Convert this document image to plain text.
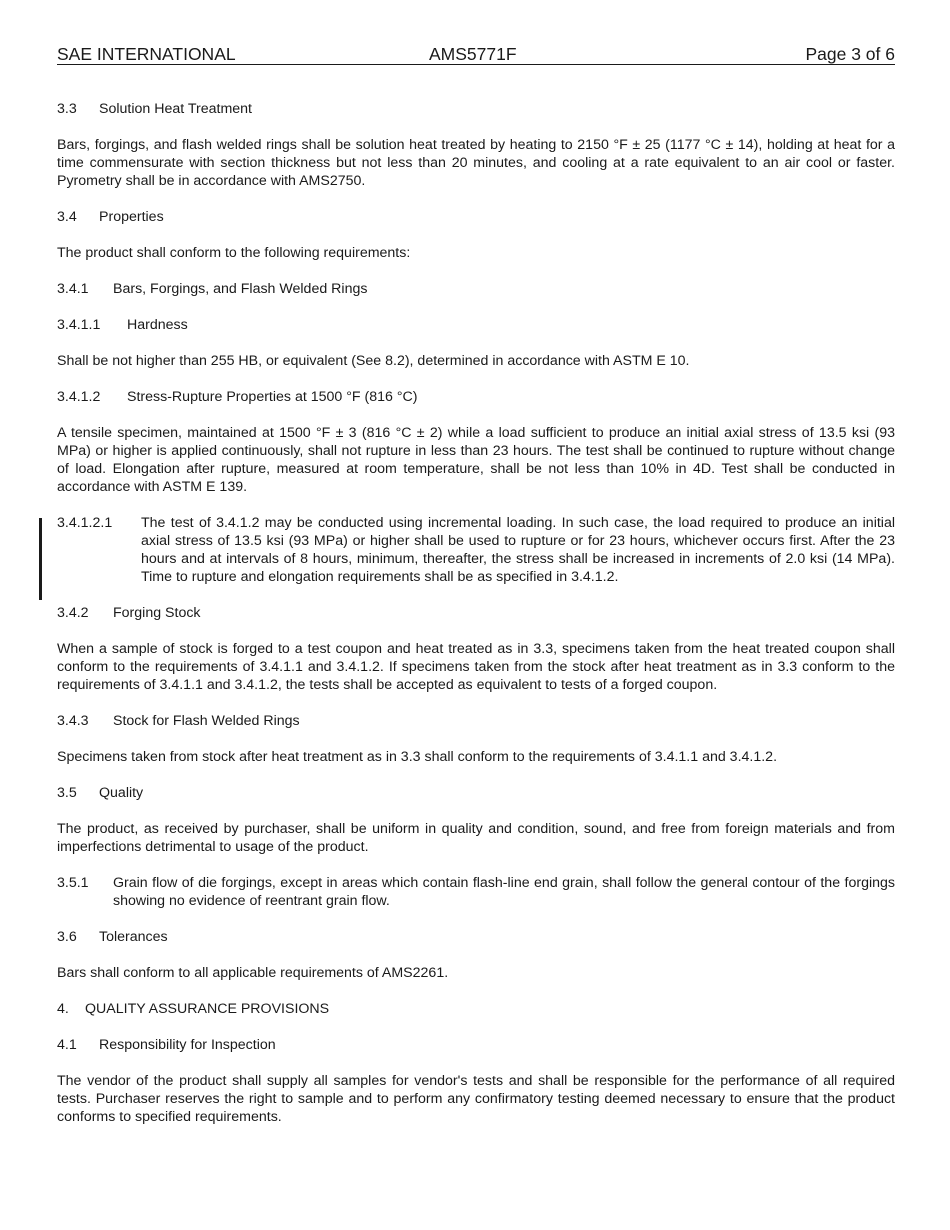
SAE INTERNATIONAL	AMS5771F	Page 3 of 6
3.3	Solution Heat Treatment

Bars, forgings, and flash welded rings shall be solution heat treated by heating to 2150 °F ± 25 (1177 °C ± 14), holding at heat for a time commensurate with section thickness but not less than 20 minutes, and cooling at a rate equivalent to an air cool or faster. Pyrometry shall be in accordance with AMS2750.

3.4	Properties

The product shall conform to the following requirements:

3.4.1	Bars, Forgings, and Flash Welded Rings
3.4.1.1	Hardness

Shall be not higher than 255 HB, or equivalent (See 8.2), determined in accordance with ASTM E 10.

3.4.1.2	Stress-Rupture Properties at 1500 °F (816 °C)

A tensile specimen, maintained at 1500 °F ± 3 (816 °C ± 2) while a load sufficient to produce an initial axial stress of 13.5 ksi (93 MPa) or higher is applied continuously, shall not rupture in less than 23 hours. The test shall be continued to rupture without change of load. Elongation after rupture, measured at room temperature, shall be not less than 10% in 4D. Test shall be conducted in accordance with ASTM E 139.

3.4.1.2.1	The test of 3.4.1.2 may be conducted using incremental loading. In such case, the load required to produce an initial axial stress of 13.5 ksi (93 MPa) or higher shall be used to rupture or for 23 hours, whichever occurs first. After the 23 hours and at intervals of 8 hours, minimum, thereafter, the stress shall be increased in increments of 2.0 ksi (14 MPa). Time to rupture and elongation requirements shall be as specified in 3.4.1.2.
3.4.2	Forging Stock

When a sample of stock is forged to a test coupon and heat treated as in 3.3, specimens taken from the heat treated coupon shall conform to the requirements of 3.4.1.1 and 3.4.1.2. If specimens taken from the stock after heat treatment as in 3.3 conform to the requirements of 3.4.1.1 and 3.4.1.2, the tests shall be accepted as equivalent to tests of a forged coupon.

3.4.3	Stock for Flash Welded Rings

Specimens taken from stock after heat treatment as in 3.3 shall conform to the requirements of 3.4.1.1 and 3.4.1.2.

3.5	Quality

The product, as received by purchaser, shall be uniform in quality and condition, sound, and free from foreign materials and from imperfections detrimental to usage of the product.

3.5.1	Grain flow of die forgings, except in areas which contain flash-line end grain, shall follow the general contour of the forgings showing no evidence of reentrant grain flow.
3.6	Tolerances

Bars shall conform to all applicable requirements of AMS2261.

4.	QUALITY ASSURANCE PROVISIONS
4.1	Responsibility for Inspection

The vendor of the product shall supply all samples for vendor's tests and shall be responsible for the performance of all required tests. Purchaser reserves the right to sample and to perform any confirmatory testing deemed necessary to ensure that the product conforms to specified requirements.
